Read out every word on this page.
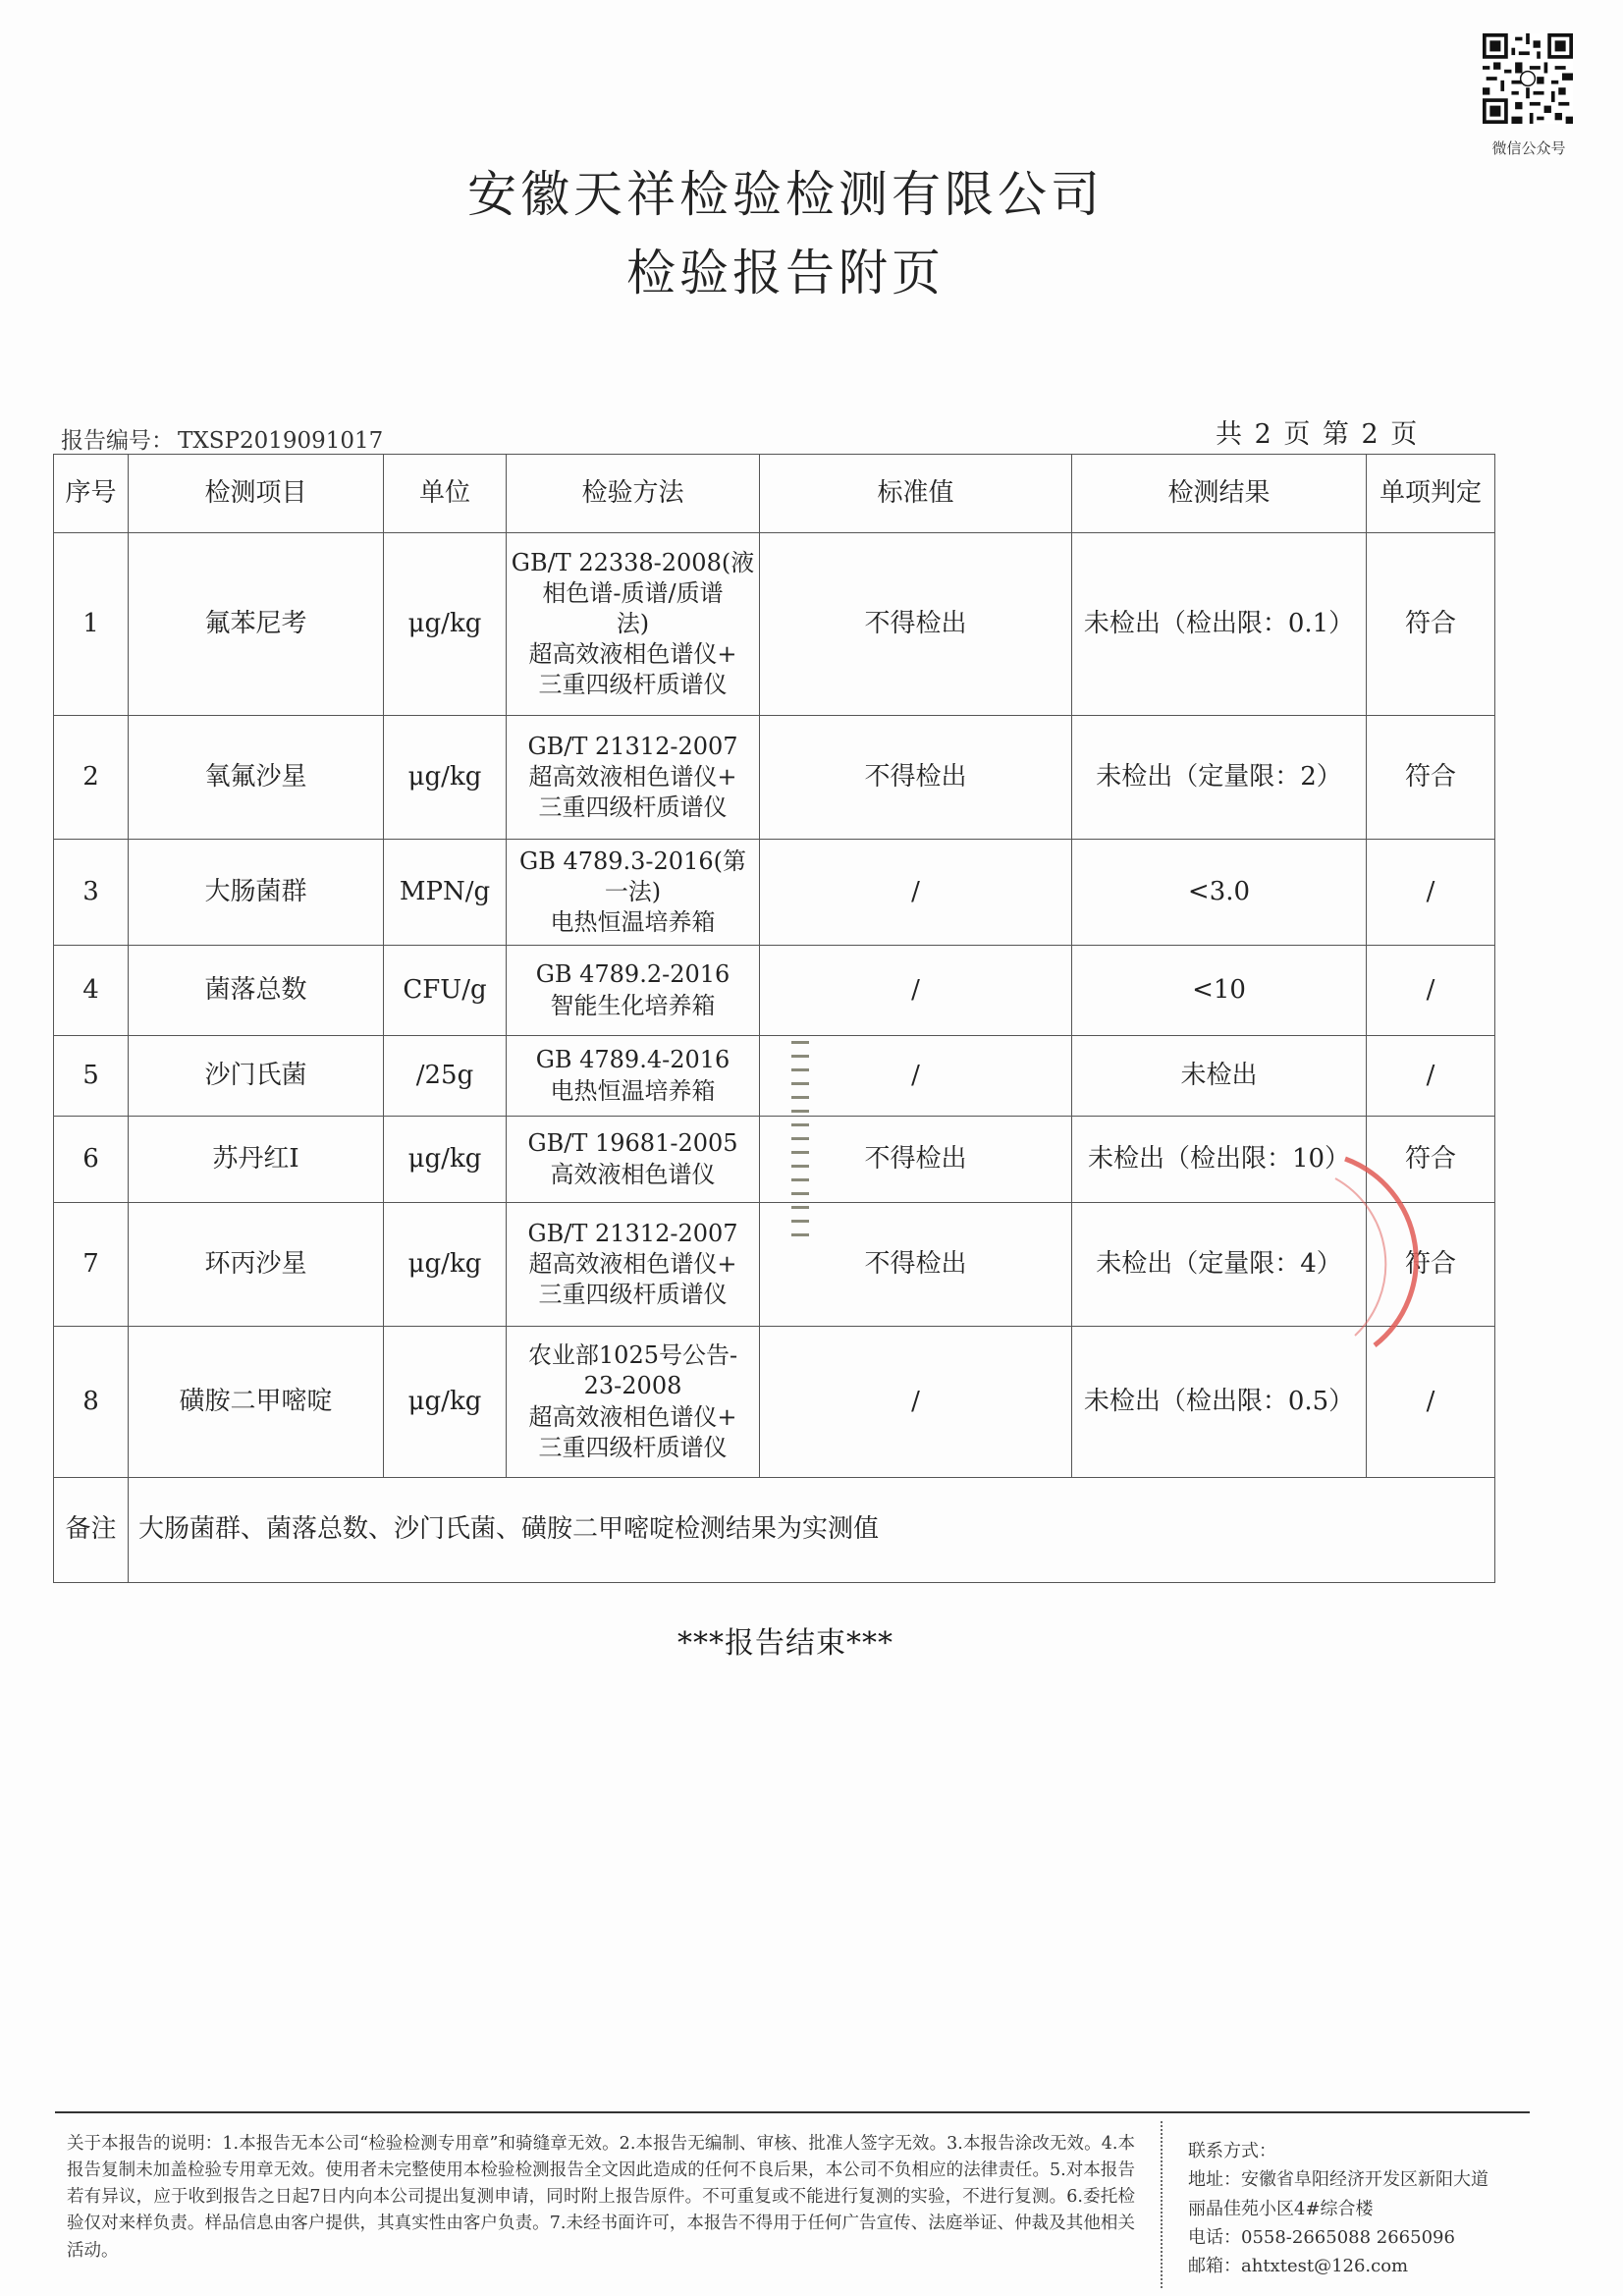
微信公众号
安徽天祥检验检测有限公司
检验报告附页
报告编号： TXSP2019091017	共 2 页 第 2 页
序号	检测项目	单位	检验方法	标准值	检测结果	单项判定
1	氟苯尼考	μg/kg	GB/T 22338-2008(液
相色谱-质谱/质谱
法)
超高效液相色谱仪+
三重四级杆质谱仪	不得检出	未检出（检出限：0.1）	符合
2	氧氟沙星	μg/kg	GB/T 21312-2007
超高效液相色谱仪+
三重四级杆质谱仪	不得检出	未检出（定量限：2）	符合
3	大肠菌群	MPN/g	GB 4789.3-2016(第
一法)
电热恒温培养箱	/	<3.0	/
4	菌落总数	CFU/g	GB 4789.2-2016
智能生化培养箱	/	<10	/
5	沙门氏菌	/25g	GB 4789.4-2016
电热恒温培养箱	/	未检出	/
6	苏丹红Ⅰ	μg/kg	GB/T 19681-2005
高效液相色谱仪	不得检出	未检出（检出限：10）	符合
7	环丙沙星	μg/kg	GB/T 21312-2007
超高效液相色谱仪+
三重四级杆质谱仪	不得检出	未检出（定量限：4）	符合
8	磺胺二甲嘧啶	μg/kg	农业部1025号公告-
23-2008
超高效液相色谱仪+
三重四级杆质谱仪	/	未检出（检出限：0.5）	/
备注	大肠菌群、菌落总数、沙门氏菌、磺胺二甲嘧啶检测结果为实测值					
***报告结束***
关于本报告的说明：1.本报告无本公司“检验检测专用章”和骑缝章无效。2.本报告无编制、审核、批准人签字无效。3.本报告涂改无效。4.本报告复制未加盖检验专用章无效。使用者未完整使用本检验检测报告全文因此造成的任何不良后果，本公司不负相应的法律责任。5.对本报告若有异议，应于收到报告之日起7日内向本公司提出复测申请，同时附上报告原件。不可重复或不能进行复测的实验，不进行复测。6.委托检验仅对来样负责。样品信息由客户提供，其真实性由客户负责。7.未经书面许可，本报告不得用于任何广告宣传、法庭举证、仲裁及其他相关活动。
联系方式：
地址：安徽省阜阳经济开发区新阳大道
丽晶佳苑小区4#综合楼
电话：0558-2665088 2665096
邮箱：ahtxtest@126.com
